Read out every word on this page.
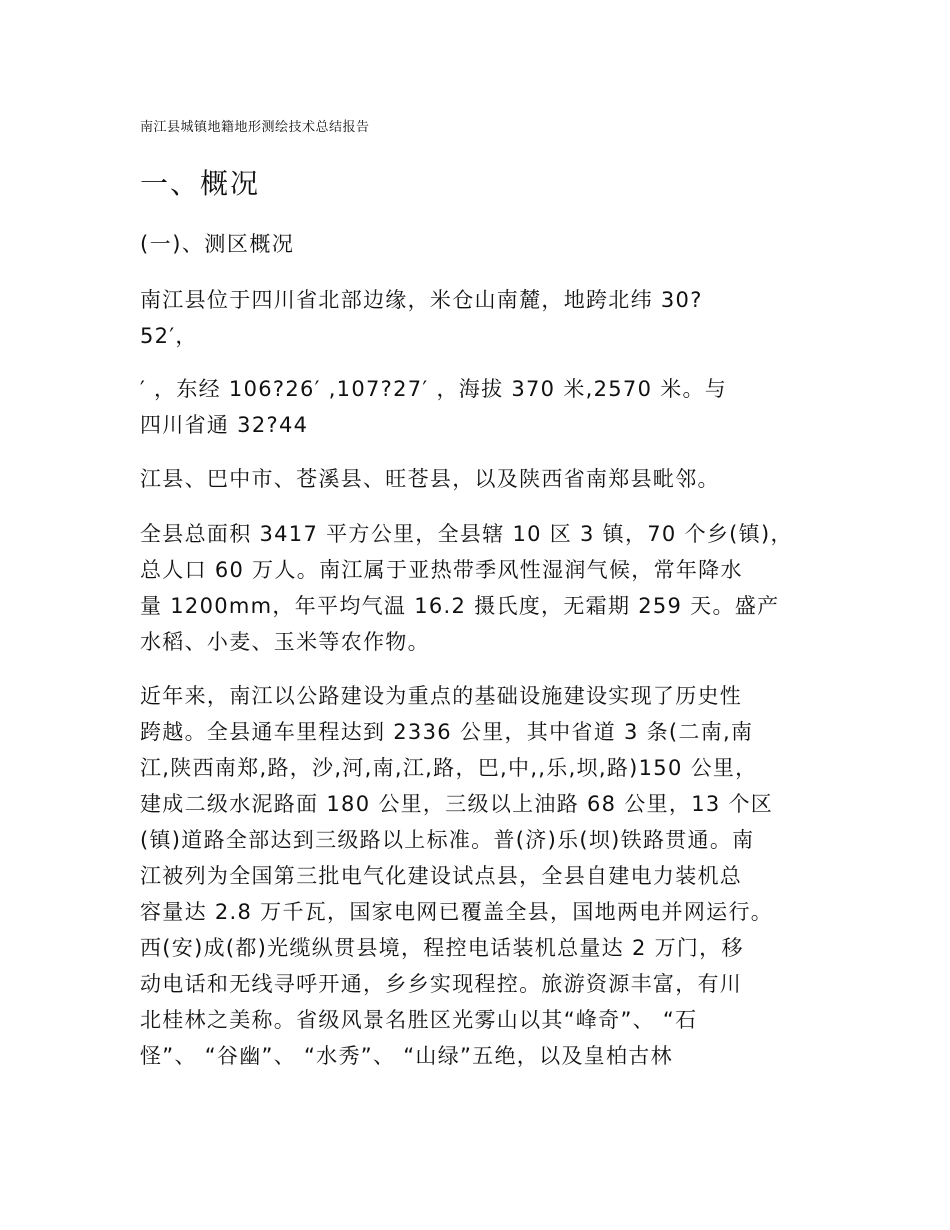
南江县城镇地籍地形测绘技术总结报告
一、概况
(一)、测区概况
南江县位于四川省北部边缘，米仓山南麓，地跨北纬 30?
52′，
′ ，东经 106?26′ ,107?27′ ，海拔 370 米,2570 米。与
四川省通 32?44
江县、巴中市、苍溪县、旺苍县，以及陕西省南郑县毗邻。
全县总面积 3417 平方公里，全县辖 10 区 3 镇，70 个乡(镇)，
总人口 60 万人。南江属于亚热带季风性湿润气候，常年降水
量 1200mm，年平均气温 16.2 摄氏度，无霜期 259 天。盛产
水稻、小麦、玉米等农作物。
近年来，南江以公路建设为重点的基础设施建设实现了历史性
跨越。全县通车里程达到 2336 公里，其中省道 3 条(二南,南
江,陕西南郑,路，沙,河,南,江,路，巴,中,,乐,坝,路)150 公里，
建成二级水泥路面 180 公里，三级以上油路 68 公里，13 个区
(镇)道路全部达到三级路以上标准。普(济)乐(坝)铁路贯通。南
江被列为全国第三批电气化建设试点县，全县自建电力装机总
容量达 2.8 万千瓦，国家电网已覆盖全县，国地两电并网运行。
西(安)成(都)光缆纵贯县境，程控电话装机总量达 2 万门，移
动电话和无线寻呼开通，乡乡实现程控。旅游资源丰富，有川
北桂林之美称。省级风景名胜区光雾山以其“峰奇”、 “石
怪”、 “谷幽”、 “水秀”、 “山绿”五绝，以及皇柏古林
